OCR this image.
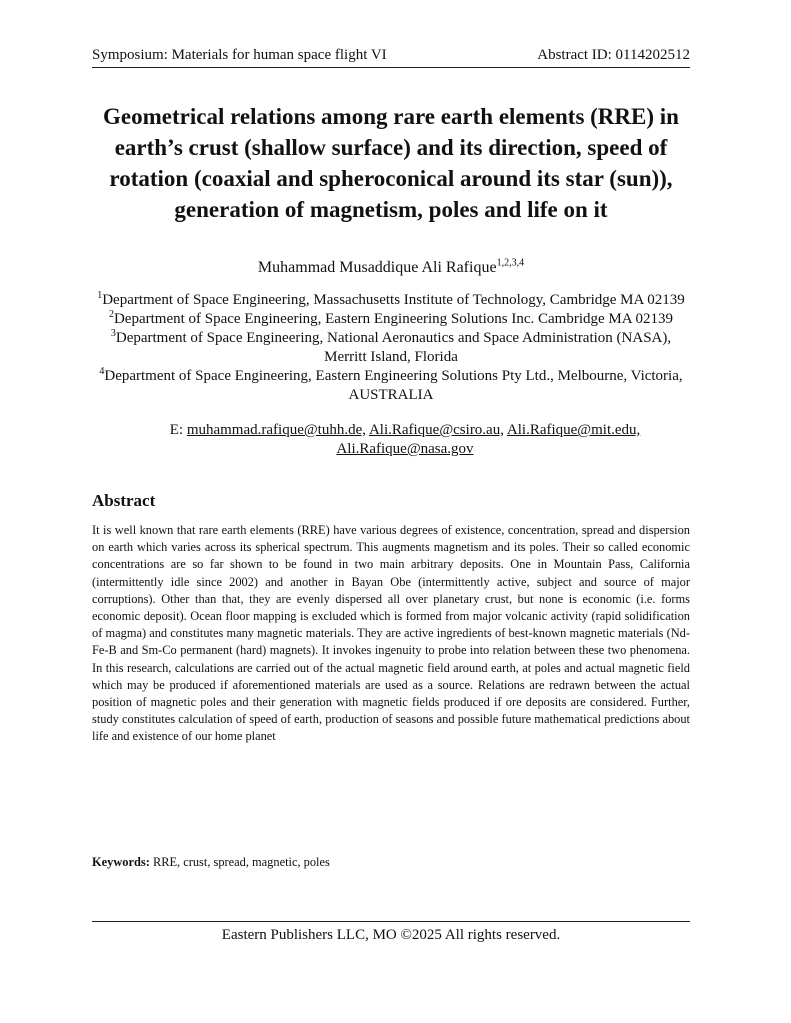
Symposium: Materials for human space flight VI	Abstract ID: 0114202512
Geometrical relations among rare earth elements (RRE) in
earth’s crust (shallow surface) and its direction, speed of
rotation (coaxial and spheroconical around its star (sun)),
generation of magnetism, poles and life on it
Muhammad Musaddique Ali Rafique$^{1,2,3,4}$

$^1$Department of Space Engineering, Massachusetts Institute of Technology, Cambridge MA 02139

$^2$Department of Space Engineering, Eastern Engineering Solutions Inc. Cambridge MA 02139

$^3$Department of Space Engineering, National Aeronautics and Space Administration (NASA),
Merritt Island, Florida

$^4$Department of Space Engineering, Eastern Engineering Solutions Pty Ltd., Melbourne, Victoria,
AUSTRALIA

E: muhammad.rafique@tuhh.de, Ali.Rafique@csiro.au, Ali.Rafique@mit.edu,
Ali.Rafique@nasa.gov
Abstract

It is well known that rare earth elements (RRE) have various degrees of existence, concentration, spread and dispersion on earth which varies across its spherical spectrum. This augments magnetism and its poles. Their so called economic concentrations are so far shown to be found in two main arbitrary deposits. One in Mountain Pass, California (intermittently idle since 2002) and another in Bayan Obe (intermittently active, subject and source of major corruptions). Other than that, they are evenly dispersed all over planetary crust, but none is economic (i.e. forms economic deposit). Ocean floor mapping is excluded which is formed from major volcanic activity (rapid solidification of magma) and constitutes many magnetic materials. They are active ingredients of best-known magnetic materials (Nd-Fe-B and Sm-Co permanent (hard) magnets). It invokes ingenuity to probe into relation between these two phenomena. In this research, calculations are carried out of the actual magnetic field around earth, at poles and actual magnetic field which may be produced if aforementioned materials are used as a source. Relations are redrawn between the actual position of magnetic poles and their generation with magnetic fields produced if ore deposits are considered. Further, study constitutes calculation of speed of earth, production of seasons and possible future mathematical predictions about life and existence of our home planet

Keywords: RRE, crust, spread, magnetic, poles
Eastern Publishers LLC, MO ©2025 All rights reserved.
